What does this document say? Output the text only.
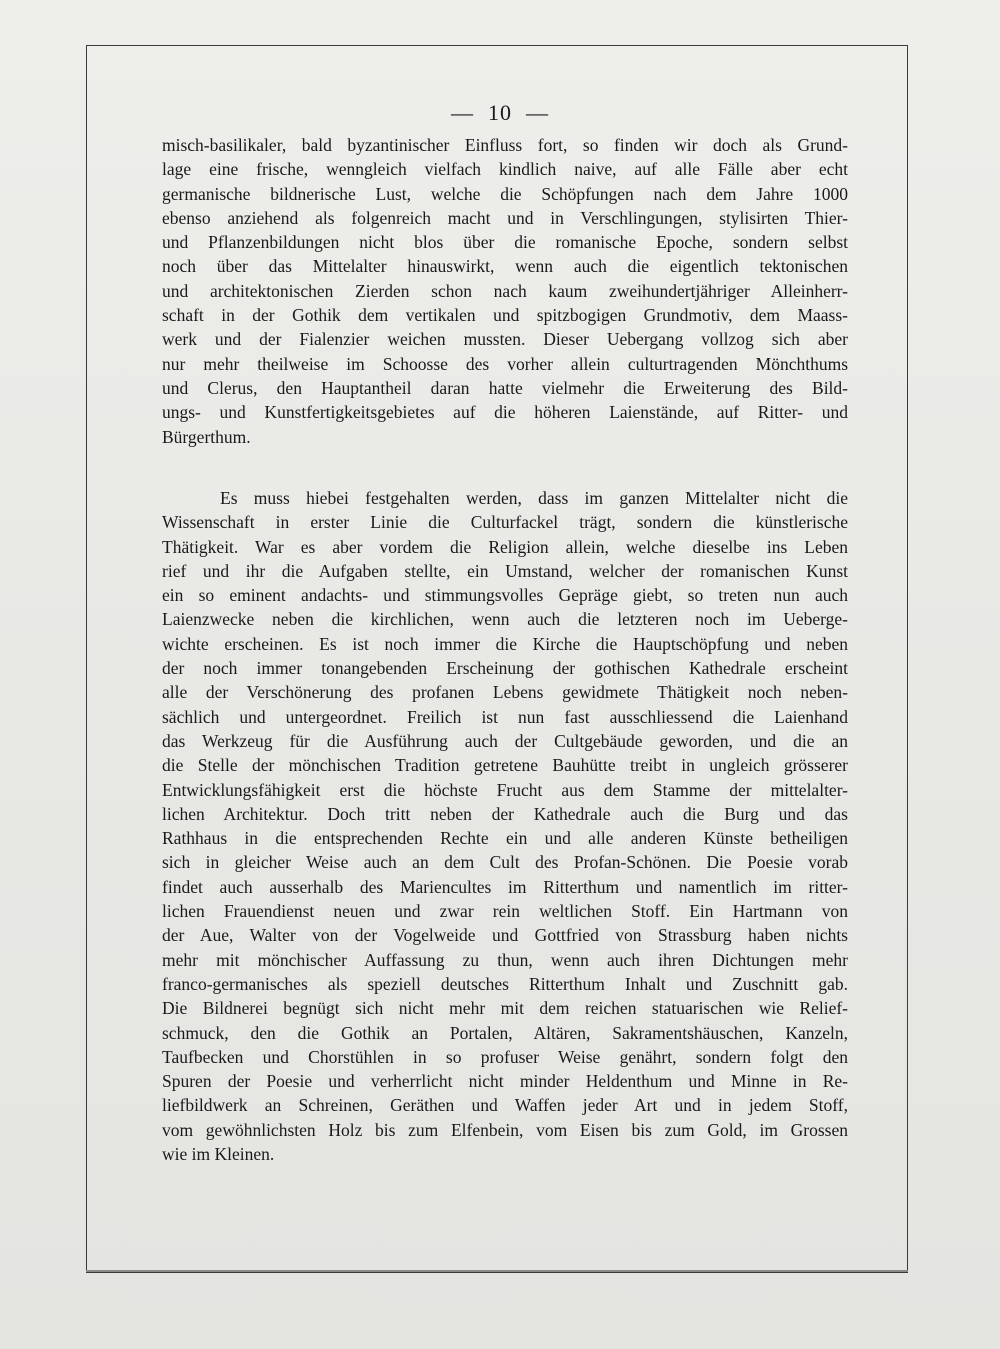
— 10 —
misch-basilikaler, bald byzantinischer Einfluss fort, so finden wir doch als Grund-
lage eine frische, wenngleich vielfach kindlich naive, auf alle Fälle aber echt
germanische bildnerische Lust, welche die Schöpfungen nach dem Jahre 1000
ebenso anziehend als folgenreich macht und in Verschlingungen, stylisirten Thier-
und Pflanzenbildungen nicht blos über die romanische Epoche, sondern selbst
noch über das Mittelalter hinauswirkt, wenn auch die eigentlich tektonischen
und architektonischen Zierden schon nach kaum zweihundertjähriger Alleinherr-
schaft in der Gothik dem vertikalen und spitzbogigen Grundmotiv, dem Maass-
werk und der Fialenzier weichen mussten. Dieser Uebergang vollzog sich aber
nur mehr theilweise im Schoosse des vorher allein culturtragenden Mönchthums
und Clerus, den Hauptantheil daran hatte vielmehr die Erweiterung des Bild-
ungs- und Kunstfertigkeitsgebietes auf die höheren Laienstände, auf Ritter- und
Bürgerthum.
Es muss hiebei festgehalten werden, dass im ganzen Mittelalter nicht die
Wissenschaft in erster Linie die Culturfackel trägt, sondern die künstlerische
Thätigkeit. War es aber vordem die Religion allein, welche dieselbe ins Leben
rief und ihr die Aufgaben stellte, ein Umstand, welcher der romanischen Kunst
ein so eminent andachts- und stimmungsvolles Gepräge giebt, so treten nun auch
Laienzwecke neben die kirchlichen, wenn auch die letzteren noch im Uebergе-
wichte erscheinen. Es ist noch immer die Kirche die Hauptschöpfung und neben
der noch immer tonangebenden Erscheinung der gothischen Kathedrale erscheint
alle der Verschönerung des profanen Lebens gewidmete Thätigkeit noch neben-
sächlich und untergeordnet. Freilich ist nun fast ausschliessend die Laienhand
das Werkzeug für die Ausführung auch der Cultgebäude geworden, und die an
die Stelle der mönchischen Tradition getretene Bauhütte treibt in ungleich grösserer
Entwicklungsfähigkeit erst die höchste Frucht aus dem Stamme der mittelalter-
lichen Architektur. Doch tritt neben der Kathedrale auch die Burg und das
Rathhaus in die entsprechenden Rechte ein und alle anderen Künste betheiligen
sich in gleicher Weise auch an dem Cult des Profan-Schönen. Die Poesie vorab
findet auch ausserhalb des Mariencultes im Ritterthum und namentlich im ritter-
lichen Frauendienst neuen und zwar rein weltlichen Stoff. Ein Hartmann von
der Aue, Walter von der Vogelweide und Gottfried von Strassburg haben nichts
mehr mit mönchischer Auffassung zu thun, wenn auch ihren Dichtungen mehr
franco-germanisches als speziell deutsches Ritterthum Inhalt und Zuschnitt gab.
Die Bildnerei begnügt sich nicht mehr mit dem reichen statuarischen wie Relief-
schmuck, den die Gothik an Portalen, Altären, Sakramentshäuschen, Kanzeln,
Taufbecken und Chorstühlen in so profuser Weise genährt, sondern folgt den
Spuren der Poesie und verherrlicht nicht minder Heldenthum und Minne in Re-
liefbildwerk an Schreinen, Geräthen und Waffen jeder Art und in jedem Stoff,
vom gewöhnlichsten Holz bis zum Elfenbein, vom Eisen bis zum Gold, im Grossen
wie im Kleinen.
